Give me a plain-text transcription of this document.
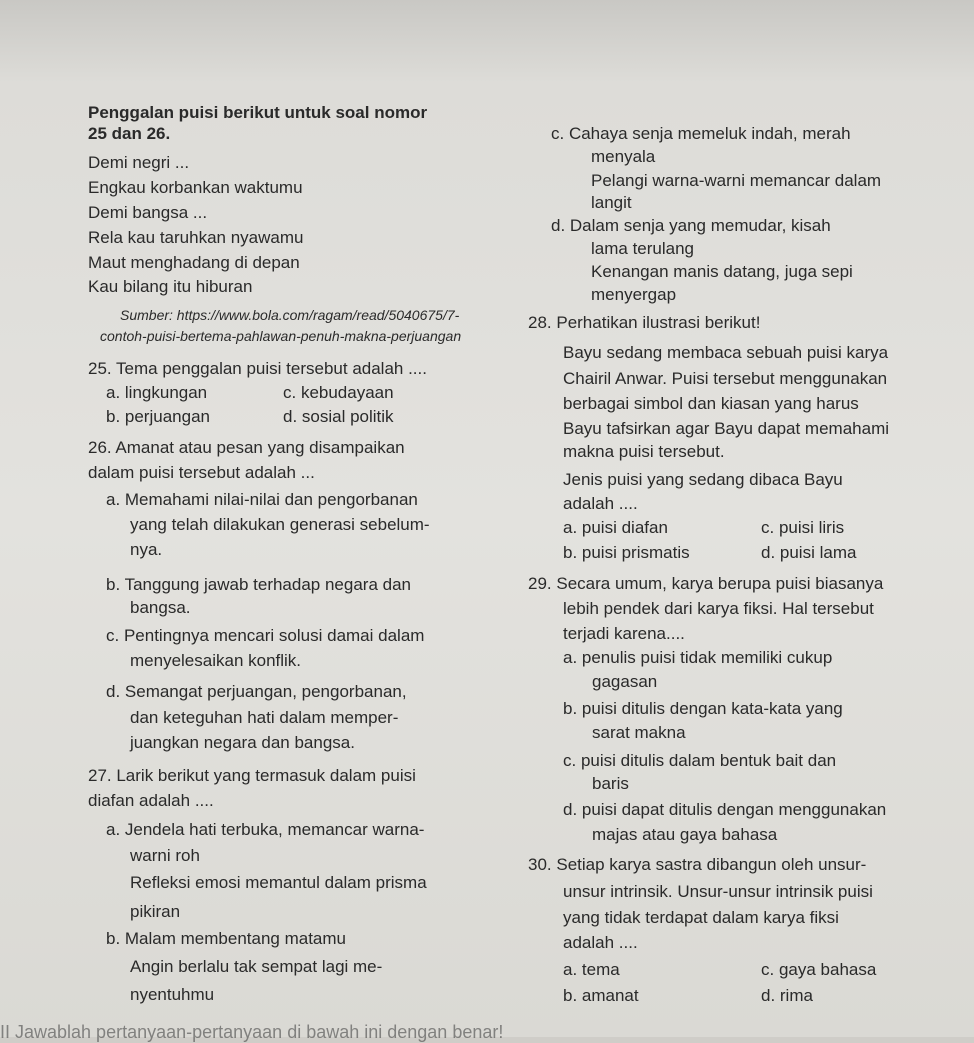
Penggalan puisi berikut untuk soal nomor
25 dan 26.
Demi negri ...
Engkau korbankan waktumu
Demi bangsa ...
Rela kau taruhkan nyawamu
Maut menghadang di depan
Kau bilang itu hiburan
Sumber: https://www.bola.com/ragam/read/5040675/7-
contoh-puisi-bertema-pahlawan-penuh-makna-perjuangan
25. Tema penggalan puisi tersebut adalah ....
a. lingkungan	c. kebudayaan
b. perjuangan	d. sosial politik
26. Amanat atau pesan yang disampaikan
dalam puisi tersebut adalah ...
a. Memahami nilai-nilai dan pengorbanan
yang telah dilakukan generasi sebelum-
nya.
b. Tanggung jawab terhadap negara dan
bangsa.
c. Pentingnya mencari solusi damai dalam
menyelesaikan konflik.
d. Semangat perjuangan, pengorbanan,
dan keteguhan hati dalam memper-
juangkan negara dan bangsa.
27. Larik berikut yang termasuk dalam puisi
diafan adalah ....
a. Jendela hati terbuka, memancar warna-
warni roh
Refleksi emosi memantul dalam prisma
pikiran
b. Malam membentang matamu
Angin berlalu tak sempat lagi me-
nyentuhmu
c. Cahaya senja memeluk indah, merah
menyala
Pelangi warna-warni memancar dalam
langit
d. Dalam senja yang memudar, kisah
lama terulang
Kenangan manis datang, juga sepi
menyergap
28. Perhatikan ilustrasi berikut!
Bayu sedang membaca sebuah puisi karya
Chairil Anwar. Puisi tersebut menggunakan
berbagai simbol dan kiasan yang harus
Bayu tafsirkan agar Bayu dapat memahami
makna puisi tersebut.
Jenis puisi yang sedang dibaca Bayu
adalah ....
a. puisi diafan	c. puisi liris
b. puisi prismatis	d. puisi lama
29. Secara umum, karya berupa puisi biasanya
lebih pendek dari karya fiksi. Hal tersebut
terjadi karena....
a. penulis puisi tidak memiliki cukup
gagasan
b. puisi ditulis dengan kata-kata yang
sarat makna
c. puisi ditulis dalam bentuk bait dan
baris
d. puisi dapat ditulis dengan menggunakan
majas atau gaya bahasa
30. Setiap karya sastra dibangun oleh unsur-
unsur intrinsik. Unsur-unsur intrinsik puisi
yang tidak terdapat dalam karya fiksi
adalah ....
a. tema	c. gaya bahasa
b. amanat	d. rima
II Jawablah pertanyaan-pertanyaan di bawah ini dengan benar!
